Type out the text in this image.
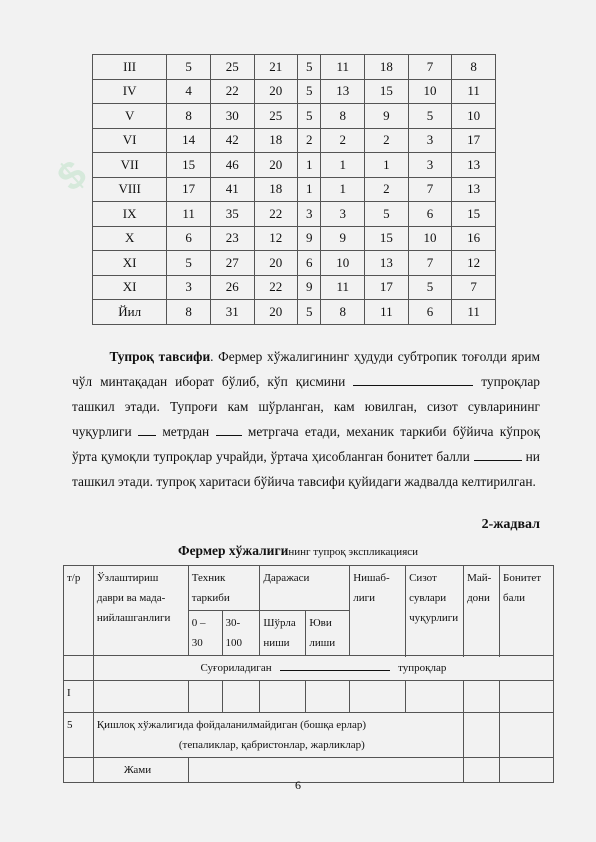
$

III	5	25	21	5	11	18	7	8
IV	4	22	20	5	13	15	10	11
V	8	30	25	5	8	9	5	10
VI	14	42	18	2	2	2	3	17
VII	15	46	20	1	1	1	3	13
VIII	17	41	18	1	1	2	7	13
IX	11	35	22	3	3	5	6	15
X	6	23	12	9	9	15	10	16
XI	5	27	20	6	10	13	7	12
XI	3	26	22	9	11	17	5	7
Йил	8	31	20	5	8	11	6	11
Тупроқ тавсифи. Фермер хўжалигининг ҳудуди субтропик тоғолди ярим чўл минтақадан иборат бўлиб, кўп қисмини	тупроқлар ташкил этади. Тупроғи кам шўрланган, кам ювилган, сизот сувларининг чуқурлиги метрдан	метргача етади, механик таркиби бўйича кўпроқ ўрта қумоқли тупроқлар учрайди, ўртача ҳисобланган бонитет балли	ни ташкил этади. тупроқ харитаси бўйича тавсифи қуйидаги жадвалда келтирилган.
2-жадвал
Фермер хўжалигининг тупроқ экспликацияси
т/р	Ўзлаштириш даври ва мада-нийлашганлиги	Техник таркиби		Даражаси		Нишаб-лиги	Сизот сувлари чуқурлиги	Май-дони	Бонитет бали
		0 – 30	30-100	Шўрла ниши	Юви лиши				

	Суғориладиган тупроқлар								
I									
5	Қишлоқ хўжалигида фойдаланилмайдиган (бошқа ерлар)
(тепаликлар, қабристонлар, жарликлар)								

	Жами								
6
